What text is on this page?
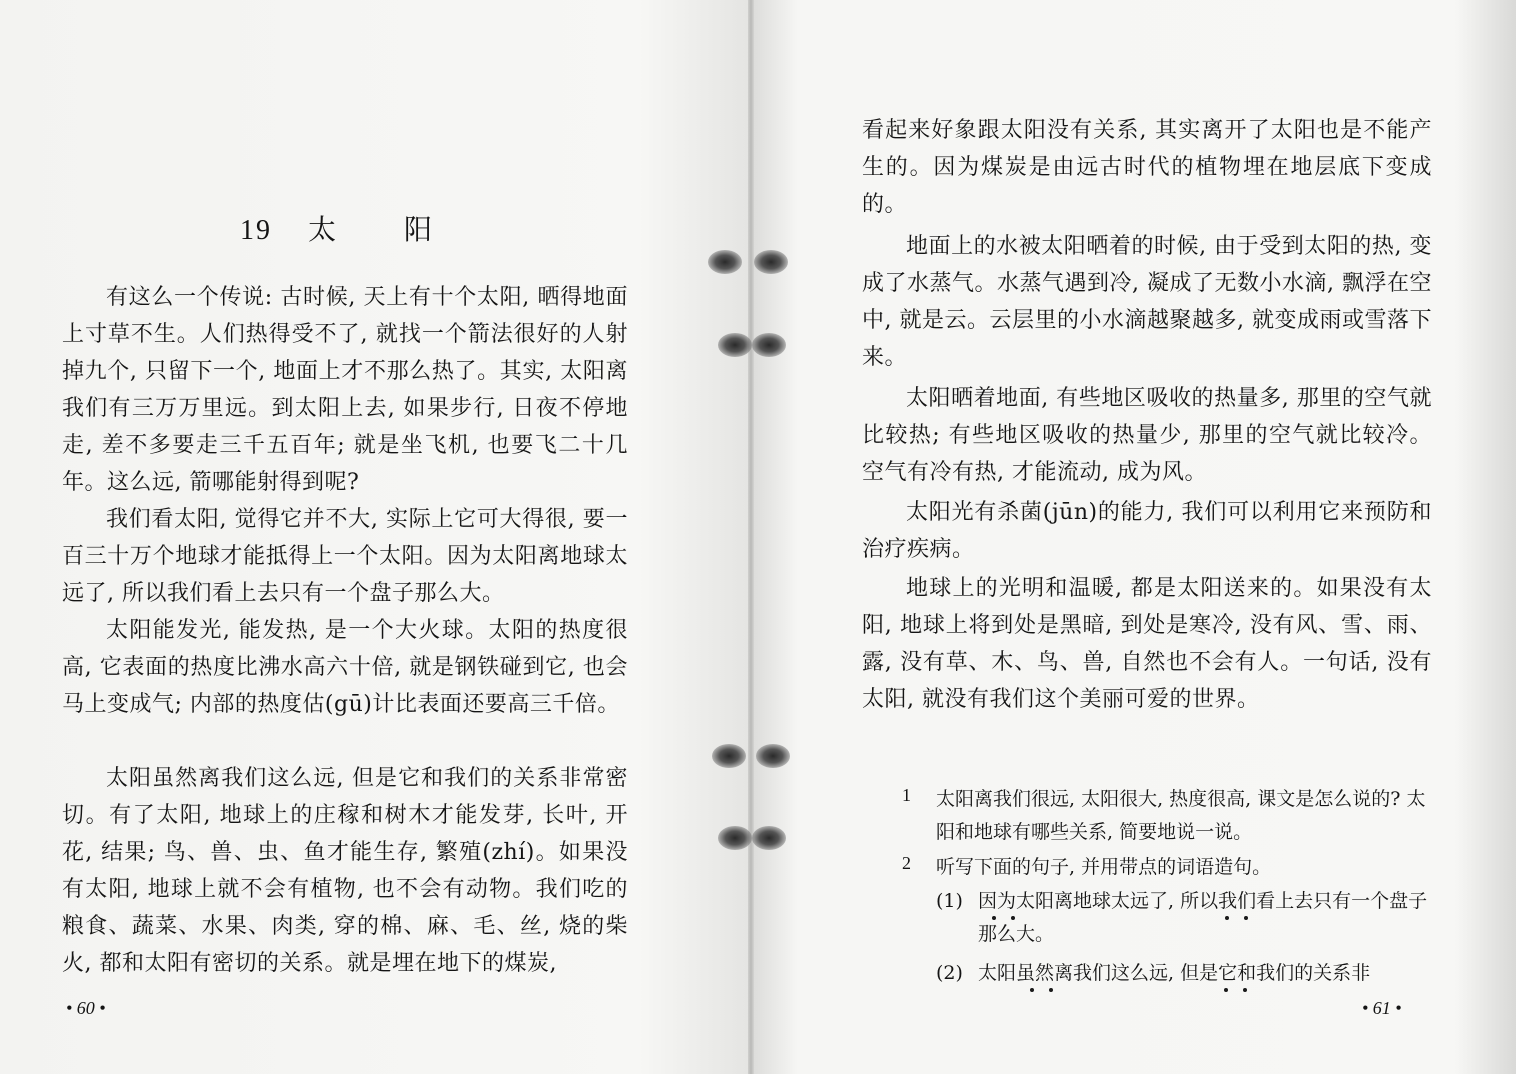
19 太 阳

有这么一个传说: 古时候, 天上有十个太阳, 晒得地面上寸草不生。人们热得受不了, 就找一个箭法很好的人射掉九个, 只留下一个, 地面上才不那么热了。其实, 太阳离我们有三万万里远。到太阳上去, 如果步行, 日夜不停地走, 差不多要走三千五百年; 就是坐飞机, 也要飞二十几年。这么远, 箭哪能射得到呢?

我们看太阳, 觉得它并不大, 实际上它可大得很, 要一百三十万个地球才能抵得上一个太阳。因为太阳离地球太远了, 所以我们看上去只有一个盘子那么大。

太阳能发光, 能发热, 是一个大火球。太阳的热度很高, 它表面的热度比沸水高六十倍, 就是钢铁碰到它, 也会马上变成气; 内部的热度估(gū)计比表面还要高三千倍。

太阳虽然离我们这么远, 但是它和我们的关系非常密切。有了太阳, 地球上的庄稼和树木才能发芽, 长叶, 开花, 结果; 鸟、兽、虫、鱼才能生存, 繁殖(zhí)。如果没有太阳, 地球上就不会有植物, 也不会有动物。我们吃的粮食、蔬菜、水果、肉类, 穿的棉、麻、毛、丝, 烧的柴火, 都和太阳有密切的关系。就是埋在地下的煤炭,

• 60 •

看起来好象跟太阳没有关系, 其实离开了太阳也是不能产生的。因为煤炭是由远古时代的植物埋在地层底下变成的。

地面上的水被太阳晒着的时候, 由于受到太阳的热, 变成了水蒸气。水蒸气遇到冷, 凝成了无数小水滴, 飘浮在空中, 就是云。云层里的小水滴越聚越多, 就变成雨或雪落下来。

太阳晒着地面, 有些地区吸收的热量多, 那里的空气就比较热; 有些地区吸收的热量少, 那里的空气就比较冷。空气有冷有热, 才能流动, 成为风。

太阳光有杀菌(jūn)的能力, 我们可以利用它来预防和治疗疾病。

地球上的光明和温暖, 都是太阳送来的。如果没有太阳, 地球上将到处是黑暗, 到处是寒冷, 没有风、雪、雨、露, 没有草、木、鸟、兽, 自然也不会有人。一句话, 没有太阳, 就没有我们这个美丽可爱的世界。

1 太阳离我们很远, 太阳很大, 热度很高, 课文是怎么说的? 太阳和地球有哪些关系, 简要地说一说。

2 听写下面的句子, 并用带点的词语造句。

(1) 因为太阳离地球太远了, 所以我们看上去只有一个盘子那么大。

(2) 太阳虽然离我们这么远, 但是它和我们的关系非

• 61 •
